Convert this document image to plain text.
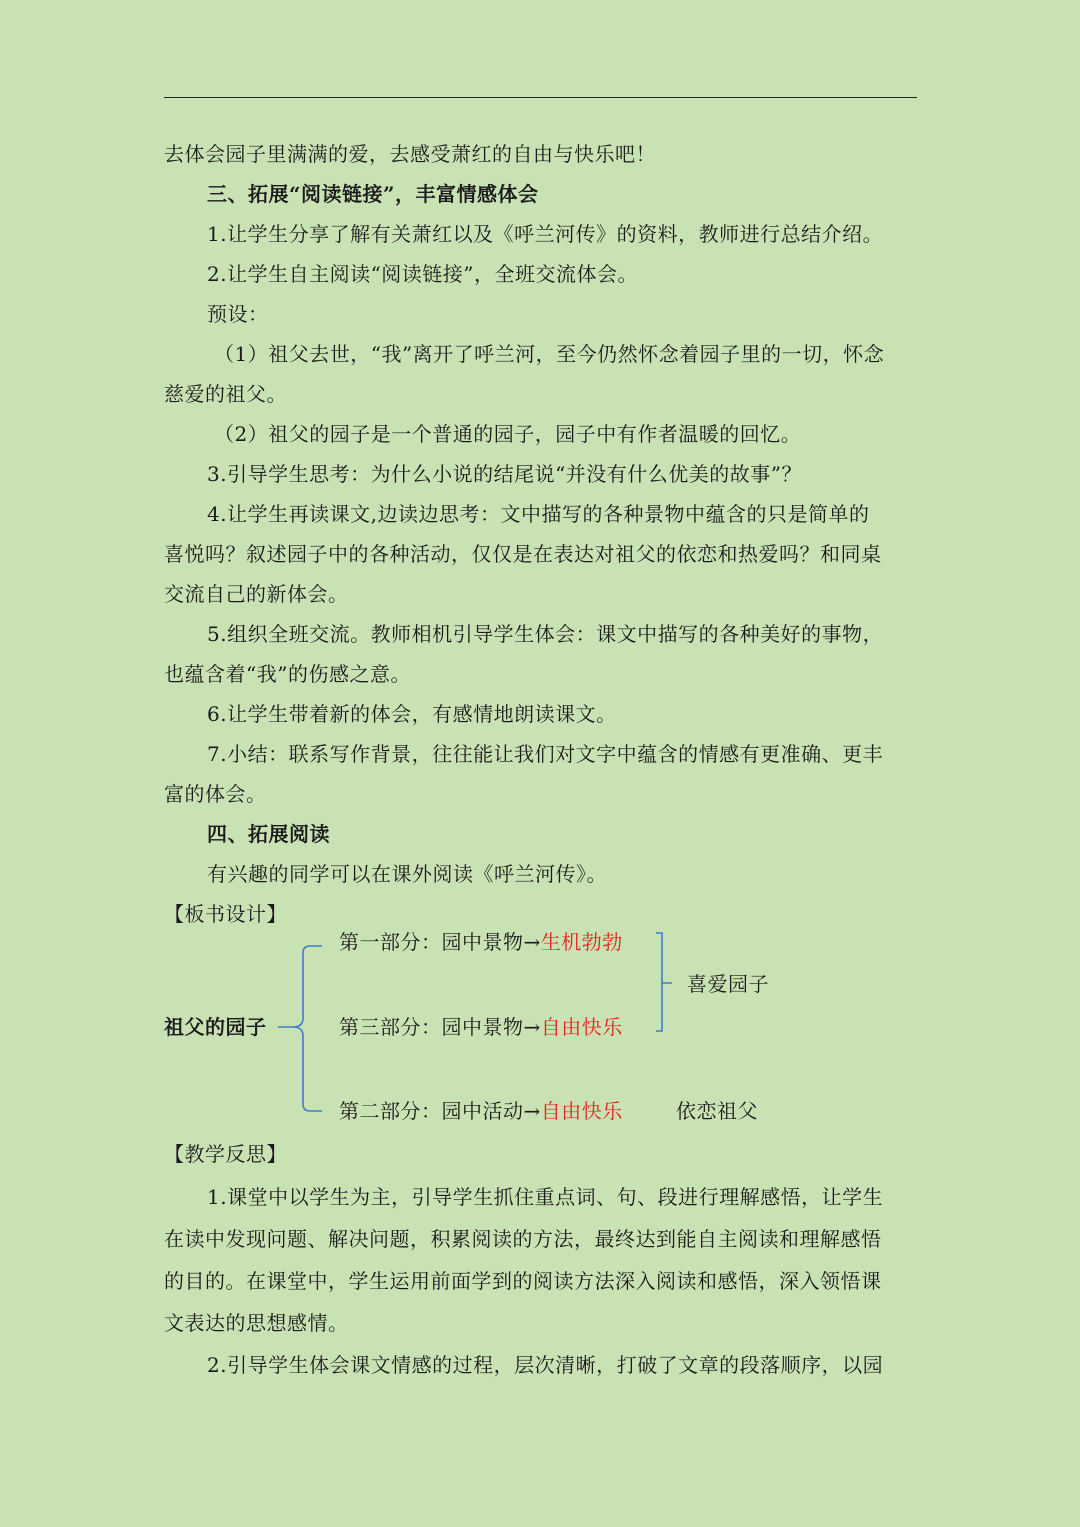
去体会园子里满满的爱，去感受萧红的自由与快乐吧！
三、拓展“阅读链接”，丰富情感体会
1.让学生分享了解有关萧红以及《呼兰河传》的资料，教师进行总结介绍。
2.让学生自主阅读“阅读链接”，全班交流体会。
预设：
（1）祖父去世，“我”离开了呼兰河，至今仍然怀念着园子里的一切，怀念
慈爱的祖父。
（2）祖父的园子是一个普通的园子，园子中有作者温暖的回忆。
3.引导学生思考：为什么小说的结尾说“并没有什么优美的故事”？
4.让学生再读课文,边读边思考：文中描写的各种景物中蕴含的只是简单的
喜悦吗？叙述园子中的各种活动，仅仅是在表达对祖父的依恋和热爱吗？和同桌
交流自己的新体会。
5.组织全班交流。教师相机引导学生体会：课文中描写的各种美好的事物，
也蕴含着“我”的伤感之意。
6.让学生带着新的体会，有感情地朗读课文。
7.小结：联系写作背景，往往能让我们对文字中蕴含的情感有更准确、更丰
富的体会。
四、拓展阅读
有兴趣的同学可以在课外阅读《呼兰河传》。
【板书设计】
祖父的园子
第一部分：园中景物→生机勃勃
第三部分：园中景物→自由快乐
第二部分：园中活动→自由快乐
喜爱园子
依恋祖父
【教学反思】
1.课堂中以学生为主，引导学生抓住重点词、句、段进行理解感悟，让学生
在读中发现问题、解决问题，积累阅读的方法，最终达到能自主阅读和理解感悟
的目的。在课堂中，学生运用前面学到的阅读方法深入阅读和感悟，深入领悟课
文表达的思想感情。
2.引导学生体会课文情感的过程，层次清晰，打破了文章的段落顺序，以园
